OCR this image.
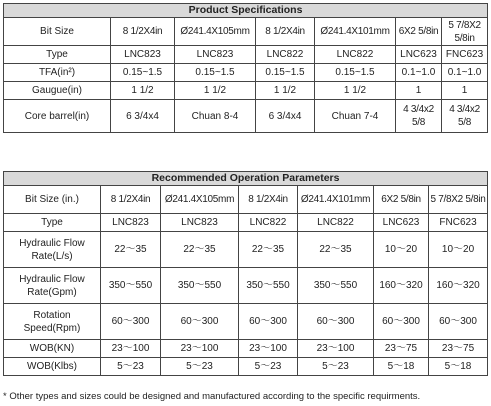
Product Specifications						
Bit Size	8 1/2X4in	Ø241.4X105mm	8 1/2X4in	Ø241.4X101mm	6X2 5/8in	5 7/8X2 5/8in
Type	LNC823	LNC823	LNC822	LNC822	LNC623	FNC623
TFA(in²)	0.15~1.5	0.15~1.5	0.15~1.5	0.15~1.5	0.1~1.0	0.1~1.0
Gaugue(in)	1 1/2	1 1/2	1 1/2	1 1/2	1	1
Core barrel(in)	6 3/4x4	Chuan 8-4	6 3/4x4	Chuan 7-4	4 3/4x2 5/8	4 3/4x2 5/8
Recommended Operation Parameters						
Bit Size (in.)	8 1/2X4in	Ø241.4X105mm	8 1/2X4in	Ø241.4X101mm	6X2 5/8in	5 7/8X2 5/8in
Type	LNC823	LNC823	LNC822	LNC822	LNC623	FNC623
Hydraulic Flow Rate(L/s)	22～35	22～35	22～35	22～35	10～20	10～20
Hydraulic Flow Rate(Gpm)	350～550	350～550	350～550	350～550	160～320	160～320
Rotation Speed(Rpm)	60～300	60～300	60～300	60～300	60～300	60～300
WOB(KN)	23～100	23～100	23～100	23～100	23～75	23～75
WOB(Klbs)	5～23	5～23	5～23	5～23	5～18	5～18
* Other types and sizes could be designed and manufactured according to the specific requirments.
